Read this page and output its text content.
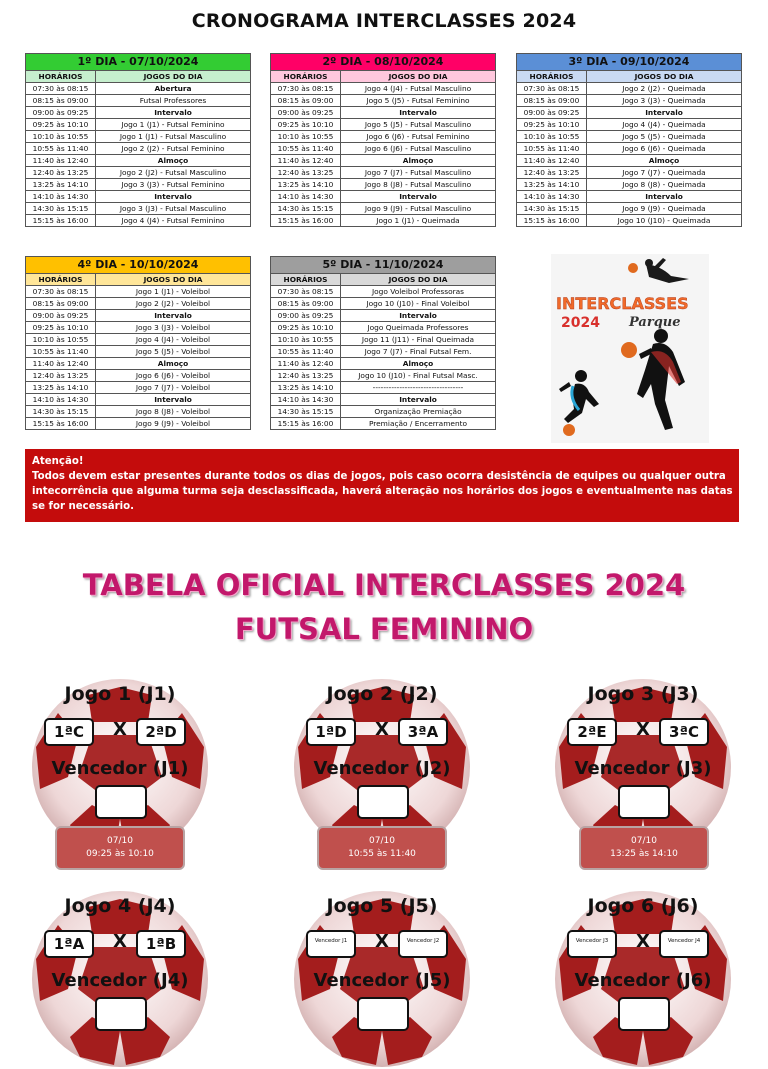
CRONOGRAMA INTERCLASSES 2024
1º DIA - 07/10/2024	
HORÁRIOS	JOGOS DO DIA
07:30 às 08:15	Abertura
08:15 às 09:00	Futsal Professores
09:00 às 09:25	Intervalo
09:25 às 10:10	Jogo 1 (J1) - Futsal Feminino
10:10 às 10:55	Jogo 1 (J1) - Futsal Masculino
10:55 às 11:40	Jogo 2 (J2) - Futsal Feminino
11:40 às 12:40	Almoço
12:40 às 13:25	Jogo 2 (J2) - Futsal Masculino
13:25 às 14:10	Jogo 3 (J3) - Futsal Feminino
14:10 às 14:30	Intervalo
14:30 às 15:15	Jogo 3 (J3) - Futsal Masculino
15:15 às 16:00	Jogo 4 (J4) - Futsal Feminino
2º DIA - 08/10/2024	
HORÁRIOS	JOGOS DO DIA
07:30 às 08:15	Jogo 4 (J4) - Futsal Masculino
08:15 às 09:00	Jogo 5 (J5) - Futsal Feminino
09:00 às 09:25	Intervalo
09:25 às 10:10	Jogo 5 (J5) - Futsal Masculino
10:10 às 10:55	Jogo 6 (J6) - Futsal Feminino
10:55 às 11:40	Jogo 6 (J6) - Futsal Masculino
11:40 às 12:40	Almoço
12:40 às 13:25	Jogo 7 (J7) - Futsal Masculino
13:25 às 14:10	Jogo 8 (J8) - Futsal Masculino
14:10 às 14:30	Intervalo
14:30 às 15:15	Jogo 9 (J9) - Futsal Masculino
15:15 às 16:00	Jogo 1 (J1) - Queimada
3º DIA - 09/10/2024	
HORÁRIOS	JOGOS DO DIA
07:30 às 08:15	Jogo 2 (J2) - Queimada
08:15 às 09:00	Jogo 3 (J3) - Queimada
09:00 às 09:25	Intervalo
09:25 às 10:10	Jogo 4 (J4) - Queimada
10:10 às 10:55	Jogo 5 (J5) - Queimada
10:55 às 11:40	Jogo 6 (J6) - Queimada
11:40 às 12:40	Almoço
12:40 às 13:25	Jogo 7 (J7) - Queimada
13:25 às 14:10	Jogo 8 (J8) - Queimada
14:10 às 14:30	Intervalo
14:30 às 15:15	Jogo 9 (J9) - Queimada
15:15 às 16:00	Jogo 10 (J10) - Queimada
4º DIA - 10/10/2024	
HORÁRIOS	JOGOS DO DIA
07:30 às 08:15	Jogo 1 (J1) - Voleibol
08:15 às 09:00	Jogo 2 (J2) - Voleibol
09:00 às 09:25	Intervalo
09:25 às 10:10	Jogo 3 (J3) - Voleibol
10:10 às 10:55	Jogo 4 (J4) - Voleibol
10:55 às 11:40	Jogo 5 (J5) - Voleibol
11:40 às 12:40	Almoço
12:40 às 13:25	Jogo 6 (J6) - Voleibol
13:25 às 14:10	Jogo 7 (J7) - Voleibol
14:10 às 14:30	Intervalo
14:30 às 15:15	Jogo 8 (J8) - Voleibol
15:15 às 16:00	Jogo 9 (J9) - Voleibol
5º DIA - 11/10/2024	
HORÁRIOS	JOGOS DO DIA
07:30 às 08:15	Jogo Voleibol Professoras
08:15 às 09:00	Jogo 10 (J10) - Final Voleibol
09:00 às 09:25	Intervalo
09:25 às 10:10	Jogo Queimada Professores
10:10 às 10:55	Jogo 11 (J11) - Final Queimada
10:55 às 11:40	Jogo 7 (J7) - Final Futsal Fem.
11:40 às 12:40	Almoço
12:40 às 13:25	Jogo 10 (J10) - Final Futsal Masc.
13:25 às 14:10	----------------------------------
14:10 às 14:30	Intervalo
14:30 às 15:15	Organização Premiação
15:15 às 16:00	Premiação / Encerramento
INTERCLASSES
2024 Parque
Atenção!
Todos devem estar presentes durante todos os dias de jogos, pois caso ocorra desistência de equipes ou qualquer outra intecorrência que alguma turma seja desclassificada, haverá alteração nos horários dos jogos e eventualmente nas datas se for necessário.
TABELA OFICIAL INTERCLASSES 2024
FUTSAL FEMININO
Jogo 1 (J1)
1ªC	X	2ªD
Vencedor (J1)
07/10
09:25 às 10:10
Jogo 2 (J2)
1ªD	X	3ªA
Vencedor (J2)
07/10
10:55 às 11:40
Jogo 3 (J3)
2ªE	X	3ªC
Vencedor (J3)
07/10
13:25 às 14:10
Jogo 4 (J4)
1ªA	X	1ªB
Vencedor (J4)
Jogo 5 (J5)
Vencedor J1	X	Vencedor J2
Vencedor (J5)
Jogo 6 (J6)
Vencedor J3	X	Vencedor J4
Vencedor (J6)
